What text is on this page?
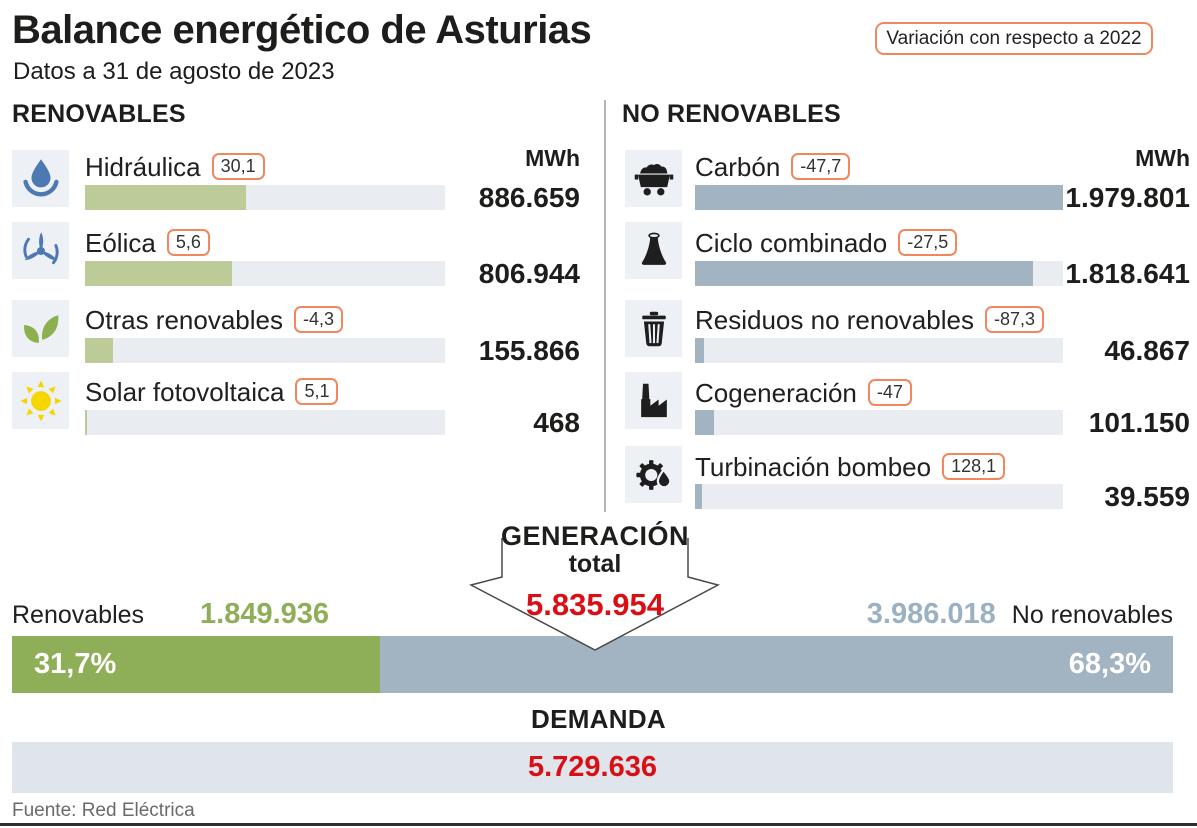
Balance energético de Asturias
Datos a 31 de agosto de 2023
Variación con respecto a 2022
RENOVABLES	NO RENOVABLES
MWh	MWh
Hidráulica	30,1
886.659
Eólica	5,6
806.944
Otras renovables	-4,3
155.866
Solar fotovoltaica	5,1
468
Carbón	-47,7
1.979.801
Ciclo combinado	-27,5
1.818.641
Residuos no renovables	-87,3
46.867
Cogeneración	-47
101.150
Turbinación bombeo	128,1
39.559
GENERACIÓN
total
5.835.954
Renovables 1.849.936	3.986.018 No renovables
31,7%	68,3%
DEMANDA
5.729.636
Fuente: Red Eléctrica
